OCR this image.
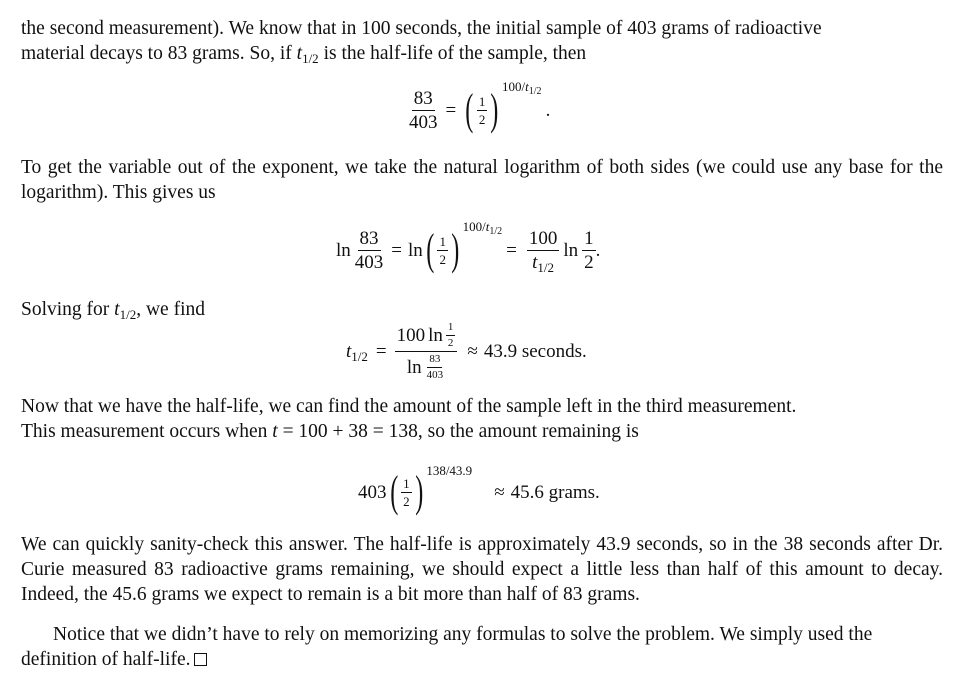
the second measurement). We know that in 100 seconds, the initial sample of 403 grams of radioactive
material decays to 83 grams. So, if $t_{1/2}$ is the half-life of the sample, then

$\frac{83}{403}$ = ( $\frac{1}{2}$ ) $100/t_{1/2}$
.

To get the variable out of the exponent, we take the natural logarithm of both sides (we could use any base for the logarithm). This gives us

$\ln \frac{83}{403} = \ln$ ( $\frac{1}{2}$ ) $100/t_{1/2}$
= $\frac{100}{t_{1/2}}$ $\ln \frac{1}{2}$ .

Solving for $t_{1/2}$, we find

$t_{1/2} = \frac{100 \ln \frac{1}{2}}{\ln \frac{83}{403}} \approx 43.9$ seconds.

Now that we have the half-life, we can find the amount of the sample left in the third measurement.
This measurement occurs when t = 100 + 38 = 138, so the amount remaining is

403 ( $\frac{1}{2}$ ) 138/43.9
≈ 45.6 grams.

We can quickly sanity-check this answer. The half-life is approximately 43.9 seconds, so in the 38 seconds after Dr. Curie measured 83 radioactive grams remaining, we should expect a little less than half of this amount to decay. Indeed, the 45.6 grams we expect to remain is a bit more than half of 83 grams.

Notice that we didn’t have to rely on memorizing any formulas to solve the problem. We simply used the definition of half-life.
